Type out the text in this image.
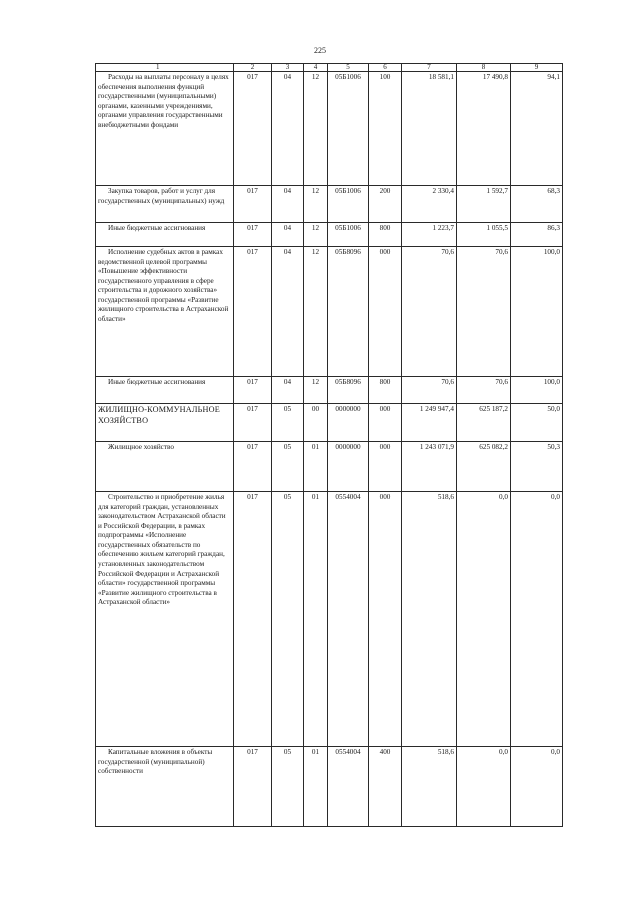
225
1	2	3	4	5	6	7	8	9
Расходы на выплаты персоналу в целях обеспечения выполнения функций государственными (муниципальными) органами, казенными учреждениями, органами управления государственными внебюджетными фондами	017	04	12	05Б1006	100	18 581,1	17 490,8	94,1
Закупка товаров, работ и услуг для государственных (муниципальных) нужд	017	04	12	05Б1006	200	2 330,4	1 592,7	68,3
Иные бюджетные ассигнования	017	04	12	05Б1006	800	1 223,7	1 055,5	86,3
Исполнение судебных актов в рамках ведомственной целевой программы «Повышение эффективности государственного управления в сфере строительства и дорожного хозяйства» государственной программы «Развитие жилищного строительства в Астраханской области»	017	04	12	05Б8096	000	70,6	70,6	100,0
Иные бюджетные ассигнования	017	04	12	05Б8096	800	70,6	70,6	100,0
ЖИЛИЩНО-КОММУНАЛЬНОЕ ХОЗЯЙСТВО	017	05	00	0000000	000	1 249 947,4	625 187,2	50,0
Жилищное хозяйство	017	05	01	0000000	000	1 243 071,9	625 082,2	50,3
Строительство и приобретение жилья для категорий граждан, установленных законодательством Астраханской области и Российской Федерации, в рамках подпрограммы «Исполнение государственных обязательств по обеспечению жильем категорий граждан, установленных законодательством Российской Федерации и Астраханской области» государственной программы «Развитие жилищного строительства в Астраханской области»	017	05	01	0554004	000	518,6	0,0	0,0
Капитальные вложения в объекты государственной (муниципальной) собственности	017	05	01	0554004	400	518,6	0,0	0,0
